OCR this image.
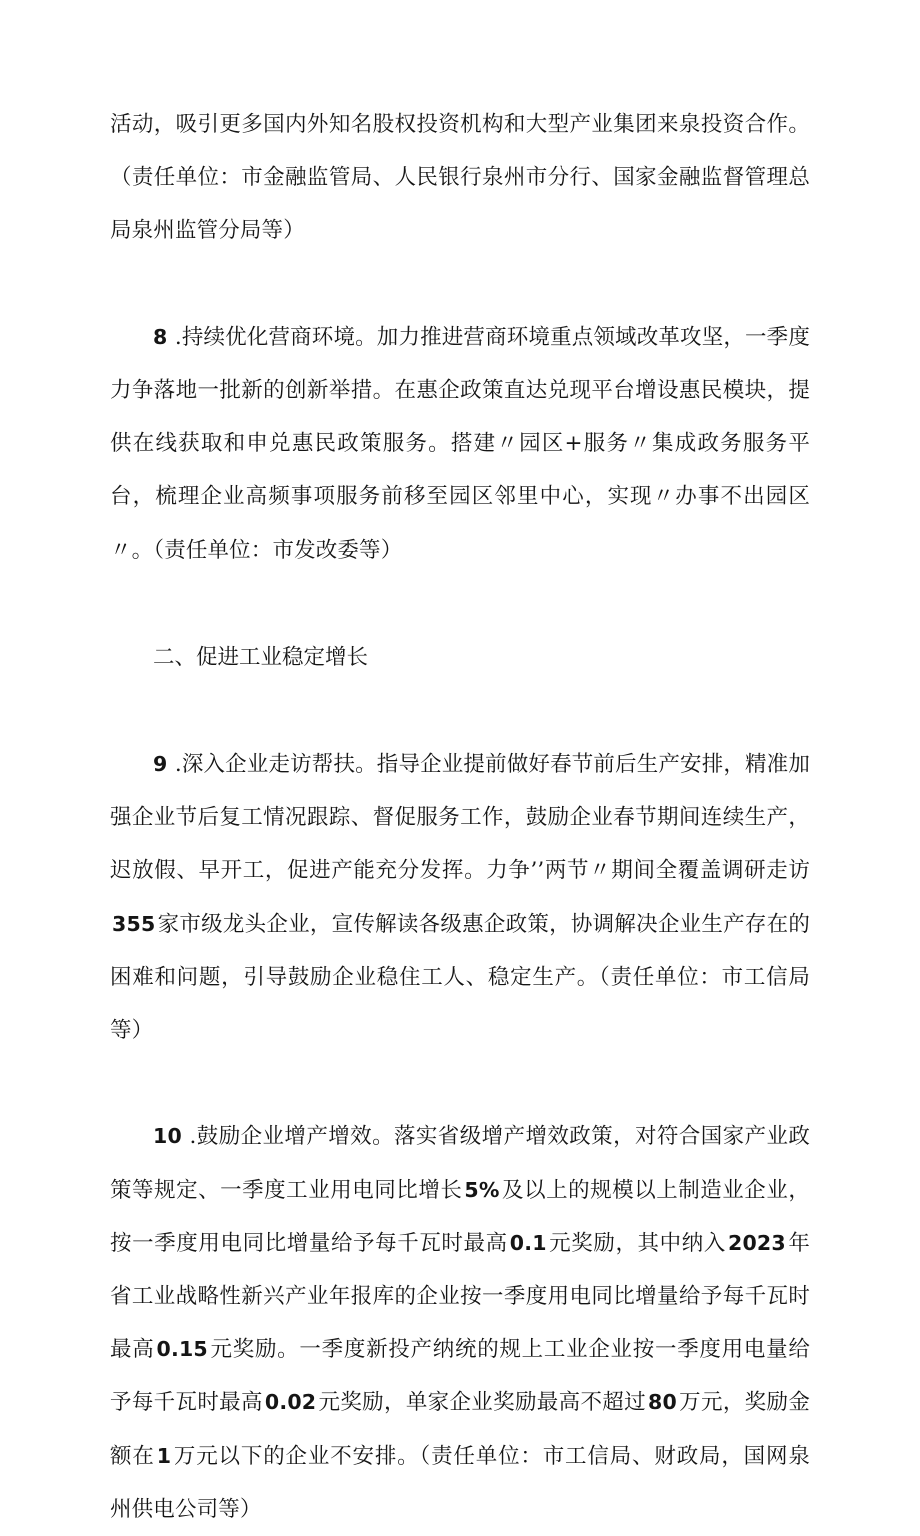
活动，吸引更多国内外知名股权投资机构和大型产业集团来泉投资合作。（责任单位：市金融监管局、人民银行泉州市分行、国家金融监督管理总局泉州监管分局等）

8 .持续优化营商环境。加力推进营商环境重点领域改革攻坚，一季度力争落地一批新的创新举措。在惠企政策直达兑现平台增设惠民模块，提供在线获取和申兑惠民政策服务。搭建〃园区+服务〃集成政务服务平台，梳理企业高频事项服务前移至园区邻里中心，实现〃办事不出园区〃。（责任单位：市发改委等）

二、促进工业稳定增长

9 .深入企业走访帮扶。指导企业提前做好春节前后生产安排，精准加强企业节后复工情况跟踪、督促服务工作，鼓励企业春节期间连续生产，迟放假、早开工，促进产能充分发挥。力争’’两节〃期间全覆盖调研走访355家市级龙头企业，宣传解读各级惠企政策，协调解决企业生产存在的困难和问题，引导鼓励企业稳住工人、稳定生产。（责任单位：市工信局等）

10 .鼓励企业增产增效。落实省级增产增效政策，对符合国家产业政策等规定、一季度工业用电同比增长5%及以上的规模以上制造业企业，按一季度用电同比增量给予每千瓦时最高0.1元奖励，其中纳入2023年省工业战略性新兴产业年报库的企业按一季度用电同比增量给予每千瓦时最高0.15元奖励。一季度新投产纳统的规上工业企业按一季度用电量给予每千瓦时最高0.02元奖励，单家企业奖励最高不超过80万元，奖励金额在1万元以下的企业不安排。（责任单位：市工信局、财政局，国网泉州供电公司等）
